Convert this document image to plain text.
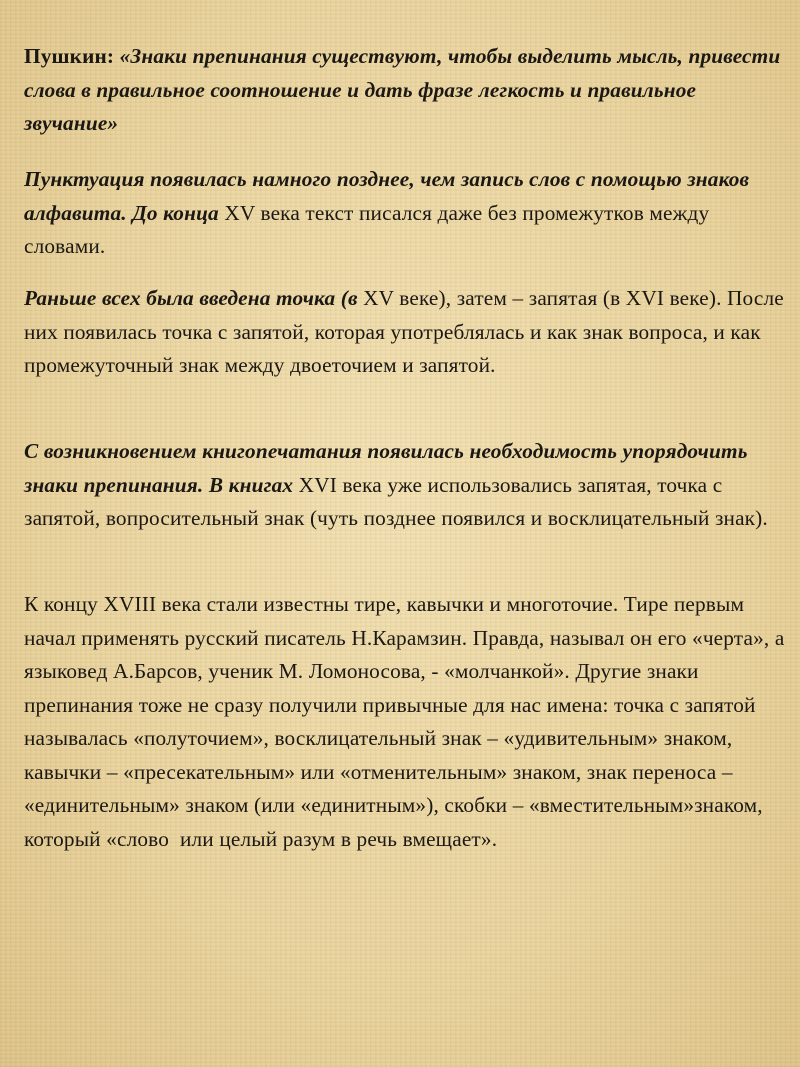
Пушкин: «Знаки препинания существуют, чтобы выделить мысль, привести слова в правильное соотношение и дать фразе легкость и правильное звучание»

Пунктуация появилась намного позднее, чем запись слов с помощью знаков алфавита. До конца XV века текст писался даже без промежутков между словами.

Раньше всех была введена точка (в XV веке), затем – запятая (в XVI веке). После них появилась точка с запятой, которая употреблялась и как знак вопроса, и как промежуточный знак между двоеточием и запятой.

С возникновением книгопечатания появилась необходимость упорядочить знаки препинания. В книгах XVI века уже использовались запятая, точка с запятой, вопросительный знак (чуть позднее появился и восклицательный знак).

К концу XVIII века стали известны тире, кавычки и многоточие. Тире первым начал применять русский писатель Н.Карамзин. Правда, называл он его «черта», а языковед А.Барсов, ученик М. Ломоносова, - «молчанкой». Другие знаки препинания тоже не сразу получили привычные для нас имена: точка с запятой называлась «полуточием», восклицательный знак – «удивительным» знаком, кавычки – «пресекательным» или «отменительным» знаком, знак переноса – «единительным» знаком (или «единитным»), скобки – «вместительным»знаком, который «слово  или целый разум в речь вмещает».
